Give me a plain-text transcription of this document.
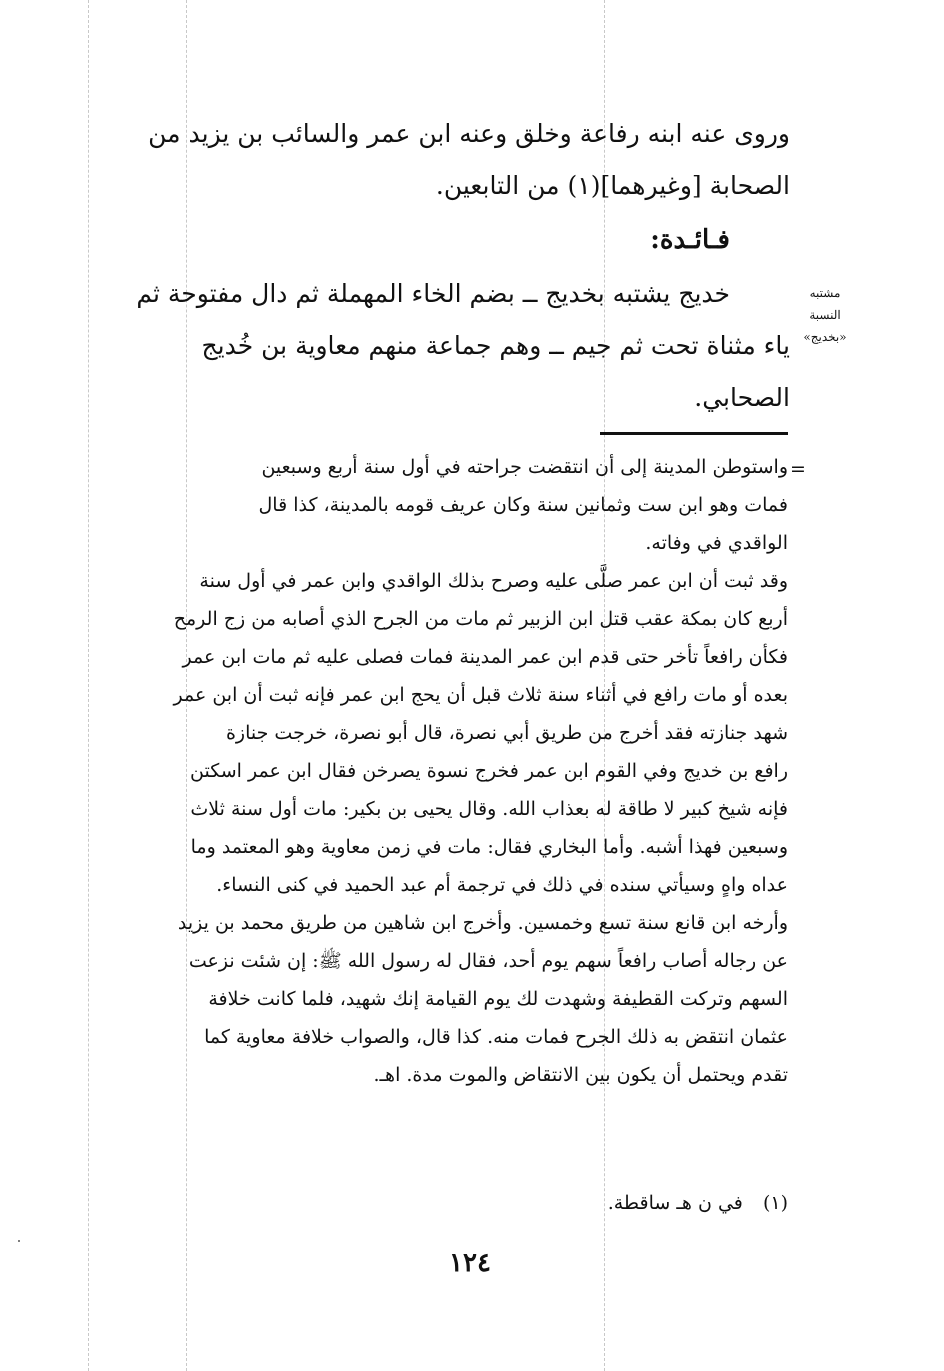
وروى عنه ابنه رفاعة وخلق وعنه ابن عمر والسائب بن يزيد من
الصحابة [وغيرهما](١) من التابعين.
فـائـدة:
مشتبه النسبة
«بخديج»
خديج يشتبه بخديج ــ بضم الخاء المهملة ثم دال مفتوحة ثم
ياء مثناة تحت ثم جيم ــ وهم جماعة منهم معاوية بن خُديج
الصحابي.
=
واستوطن المدينة إلى أن انتقضت جراحته في أول سنة أربع وسبعين
فمات وهو ابن ست وثمانين سنة وكان عريف قومه بالمدينة، كذا قال
الواقدي في وفاته.
وقد ثبت أن ابن عمر صلَّى عليه وصرح بذلك الواقدي وابن عمر في أول سنة
أربع كان بمكة عقب قتل ابن الزبير ثم مات من الجرح الذي أصابه من زج الرمح
فكأن رافعاً تأخر حتى قدم ابن عمر المدينة فمات فصلى عليه ثم مات ابن عمر
بعده أو مات رافع في أثناء سنة ثلاث قبل أن يحج ابن عمر فإنه ثبت أن ابن عمر
شهد جنازته فقد أخرج من طريق أبي نصرة، قال أبو نصرة، خرجت جنازة
رافع بن خديج وفي القوم ابن عمر فخرج نسوة يصرخن فقال ابن عمر اسكتن
فإنه شيخ كبير لا طاقة له بعذاب الله. وقال يحيى بن بكير: مات أول سنة ثلاث
وسبعين فهذا أشبه. وأما البخاري فقال: مات في زمن معاوية وهو المعتمد وما
عداه واهٍ وسيأتي سنده في ذلك في ترجمة أم عبد الحميد في كنى النساء.
وأرخه ابن قانع سنة تسع وخمسين. وأخرج ابن شاهين من طريق محمد بن يزيد
عن رجاله أصاب رافعاً سهم يوم أحد، فقال له رسول الله ﷺ: إن شئت نزعت
السهم وتركت القطيفة وشهدت لك يوم القيامة إنك شهيد، فلما كانت خلافة
عثمان انتقض به ذلك الجرح فمات منه. كذا قال، والصواب خلافة معاوية كما
تقدم ويحتمل أن يكون بين الانتقاض والموت مدة. اهـ.
(١) في ن هـ ساقطة.
١٢٤
